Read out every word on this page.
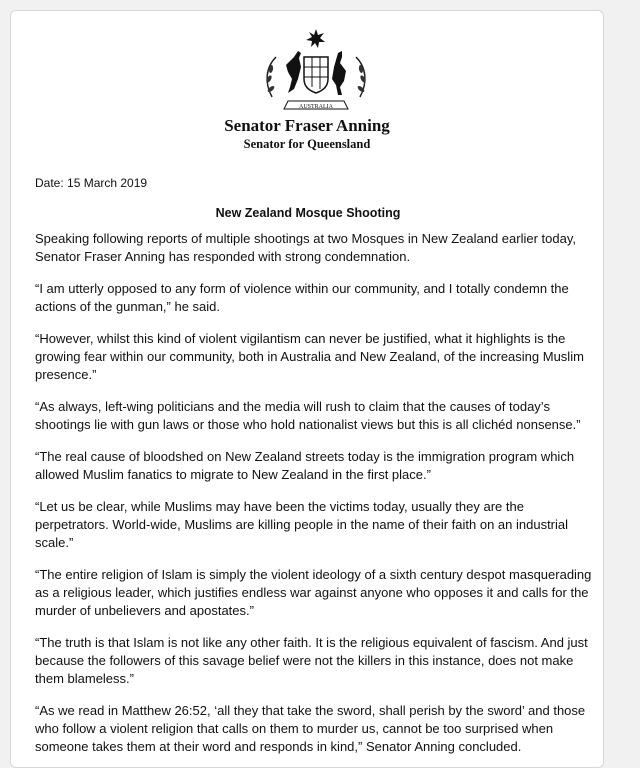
AUSTRALIA
Date: 15 March 2019
New Zealand Mosque Shooting

Speaking following reports of multiple shootings at two Mosques in New Zealand earlier today, Senator Fraser Anning has responded with strong condemnation.

“I am utterly opposed to any form of violence within our community, and I totally condemn the actions of the gunman,” he said.

“However, whilst this kind of violent vigilantism can never be justified, what it highlights is the growing fear within our community, both in Australia and New Zealand, of the increasing Muslim presence.”

“As always, left-wing politicians and the media will rush to claim that the causes of today’s shootings lie with gun laws or those who hold nationalist views but this is all clichéd nonsense.”

“The real cause of bloodshed on New Zealand streets today is the immigration program which allowed Muslim fanatics to migrate to New Zealand in the first place.”

“Let us be clear, while Muslims may have been the victims today, usually they are the perpetrators. World-wide, Muslims are killing people in the name of their faith on an industrial scale.”

“The entire religion of Islam is simply the violent ideology of a sixth century despot masquerading as a religious leader, which justifies endless war against anyone who opposes it and calls for the murder of unbelievers and apostates.”

“The truth is that Islam is not like any other faith. It is the religious equivalent of fascism. And just because the followers of this savage belief were not the killers in this instance, does not make them blameless.”

“As we read in Matthew 26:52, ‘all they that take the sword, shall perish by the sword’ and those who follow a violent religion that calls on them to murder us, cannot be too surprised when someone takes them at their word and responds in kind,” Senator Anning concluded.

Senator Fraser Anning
Senator for Queensland
